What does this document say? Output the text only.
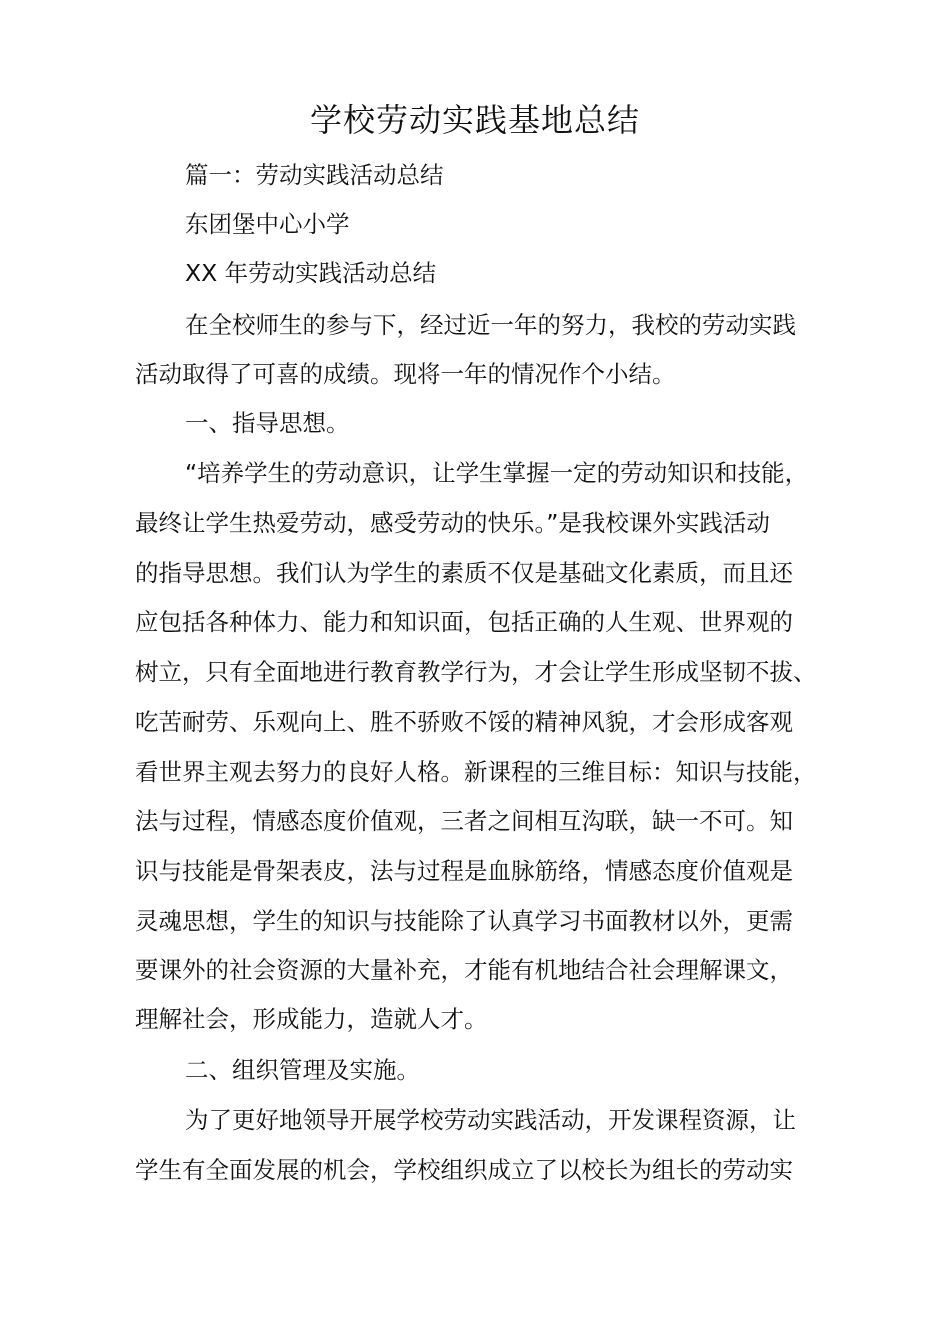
学校劳动实践基地总结
篇一：劳动实践活动总结
东团堡中心小学
XX 年劳动实践活动总结
在全校师生的参与下，经过近一年的努力，我校的劳动实践
活动取得了可喜的成绩。现将一年的情况作个小结。
一、指导思想。
“培养学生的劳动意识，让学生掌握一定的劳动知识和技能，
最终让学生热爱劳动，感受劳动的快乐。”是我校课外实践活动
的指导思想。我们认为学生的素质不仅是基础文化素质，而且还
应包括各种体力、能力和知识面，包括正确的人生观、世界观的
树立，只有全面地进行教育教学行为，才会让学生形成坚韧不拔、
吃苦耐劳、乐观向上、胜不骄败不馁的精神风貌，才会形成客观
看世界主观去努力的良好人格。新课程的三维目标：知识与技能，
法与过程，情感态度价值观，三者之间相互沟联，缺一不可。知
识与技能是骨架表皮，法与过程是血脉筋络，情感态度价值观是
灵魂思想，学生的知识与技能除了认真学习书面教材以外，更需
要课外的社会资源的大量补充，才能有机地结合社会理解课文，
理解社会，形成能力，造就人才。
二、组织管理及实施。
为了更好地领导开展学校劳动实践活动，开发课程资源，让
学生有全面发展的机会，学校组织成立了以校长为组长的劳动实
